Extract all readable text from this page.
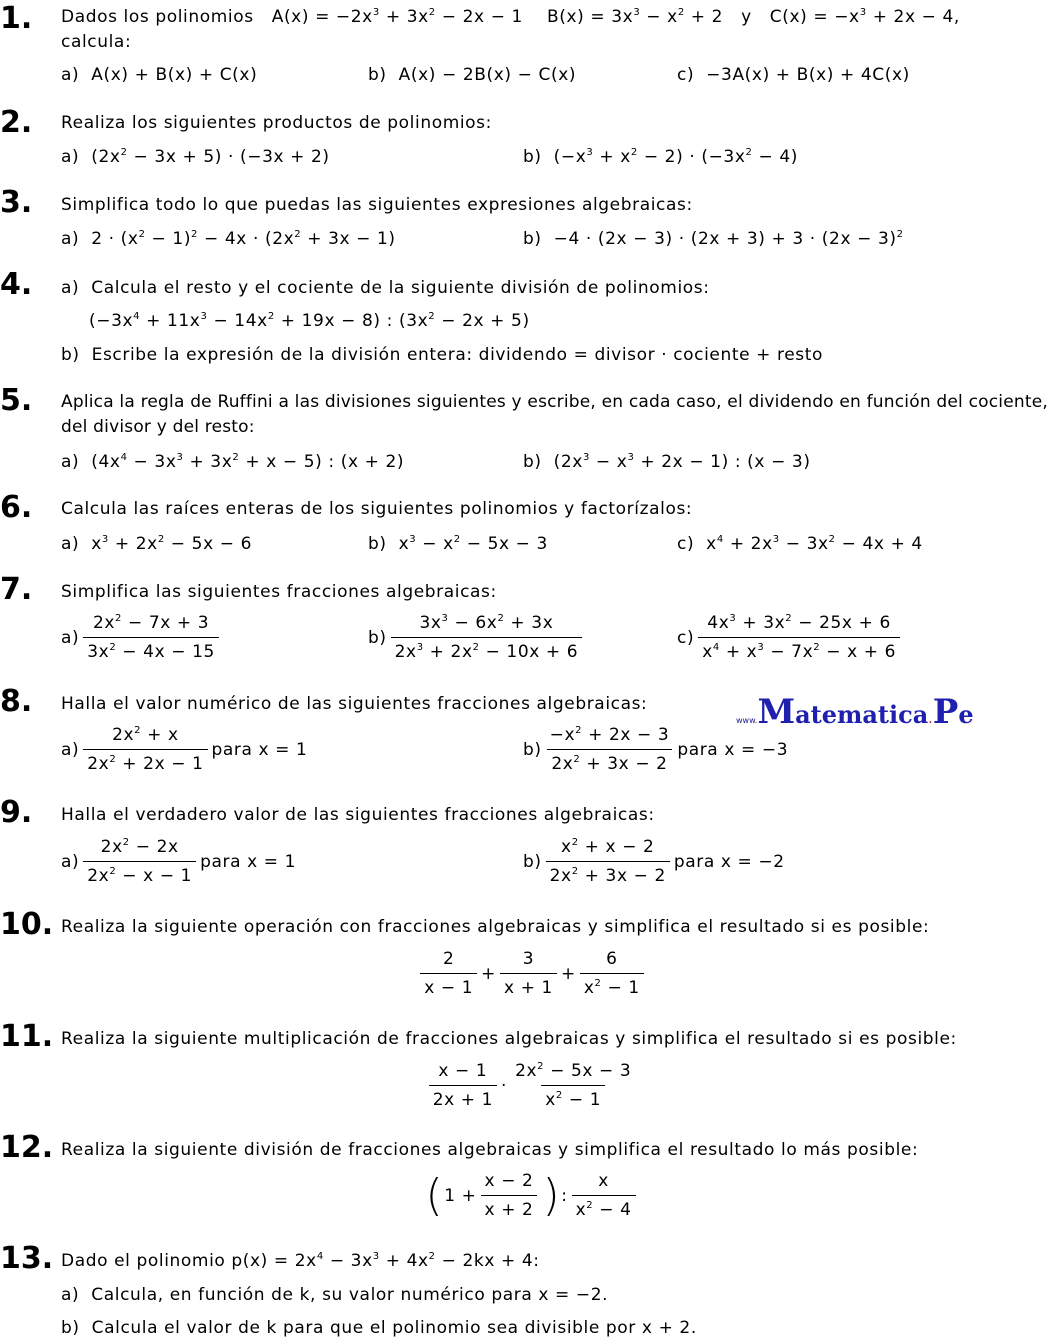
1. Dados los polinomios $A(x) = -2x^3 + 3x^2 - 2x - 1$ $B(x) = 3x^3 - x^2 + 2$ y $C(x) = -x^3 + 2x - 4$,
calcula:
a)  A(x) + B(x) + C(x)	b)  A(x) − 2B(x) − C(x)	c)  −3A(x) + B(x) + 4C(x)
2. Realiza los siguientes productos de polinomios:
a)  $(2x^2 - 3x + 5) \cdot (-3x + 2)$	b)  $(-x^3 + x^2 - 2) \cdot (-3x^2 - 4)$
3. Simplifica todo lo que puedas las siguientes expresiones algebraicas:
a)  $2 \cdot (x^2 - 1)^2 - 4x \cdot (2x^2 + 3x - 1)$	$b) -4 \cdot (2x - 3) \cdot (2x + 3) + 3 \cdot (2x - 3)^2$
4. a)  Calcula el resto y el cociente de la siguiente división de polinomios:
$(-3x^4 + 11x^3 - 14x^2 + 19x - 8)$ : $(3x^2 - 2x + 5)$
b)  Escribe la expresión de la división entera: dividendo = divisor · cociente + resto
5. Aplica la regla de Ruffini a las divisiones siguientes y escribe, en cada caso, el dividendo en función del cociente, del divisor y del resto:
a)  $(4x^4 - 3x^3 + 3x^2 + x - 5)$ : (x + 2)	b)  $(2x^3 - x^3 + 2x - 1)$ : (x − 3)
6. Calcula las raíces enteras de los siguientes polinomios y factorízalos:
a)  $x^3 + 2x^2 - 5x - 6$	b)  $x^3 - x^2 - 5x - 3$	c)  $x^4 + 2x^3 - 3x^2 - 4x + 4$
7. Simplifica las siguientes fracciones algebraicas:
$a) \frac{2x^2 - 7x + 3}{3x^2 - 4x - 15}$	$b) \frac{3x^3 - 6x^2 + 3x}{2x^3 + 2x^2 - 10x + 6}$	$c) \frac{4x^3 + 3x^2 - 25x + 6}{x^4 + x^3 - 7x^2 - x + 6}$
8. Halla el valor numérico de las siguientes fracciones algebraicas:
$a) \frac{2x^2 + x}{2x^2 + 2x - 1}$ para x = 1	$b) \frac{-x^2 + 2x - 3}{2x^2 + 3x - 2}$ para x = −3
www. M atematica . P e
9. Halla el verdadero valor de las siguientes fracciones algebraicas:
$a) \frac{2x^2 - 2x}{2x^2 - x - 1}$ para x = 1	$b) \frac{x^2 + x - 2}{2x^2 + 3x - 2}$ para x = −2
10. Realiza la siguiente operación con fracciones algebraicas y simplifica el resultado si es posible:
$\frac{2}{x - 1} + \frac{3}{x + 1} + \frac{6}{x^2 - 1}$
11. Realiza la siguiente multiplicación de fracciones algebraicas y simplifica el resultado si es posible:
$\frac{x - 1}{2x + 1} \cdot \frac{2x^2 - 5x - 3}{x^2 - 1}$
12. Realiza la siguiente división de fracciones algebraicas y simplifica el resultado lo más posible:
( $1 + \frac{x - 2}{x + 2}$ ) : $\frac{x}{x^2 - 4}$
13. Dado el polinomio $p(x) = 2x^4 - 3x^3 + 4x^2 - 2kx + 4$:
a)  Calcula, en función de k, su valor numérico para x = −2.
b)  Calcula el valor de k para que el polinomio sea divisible por x + 2.
